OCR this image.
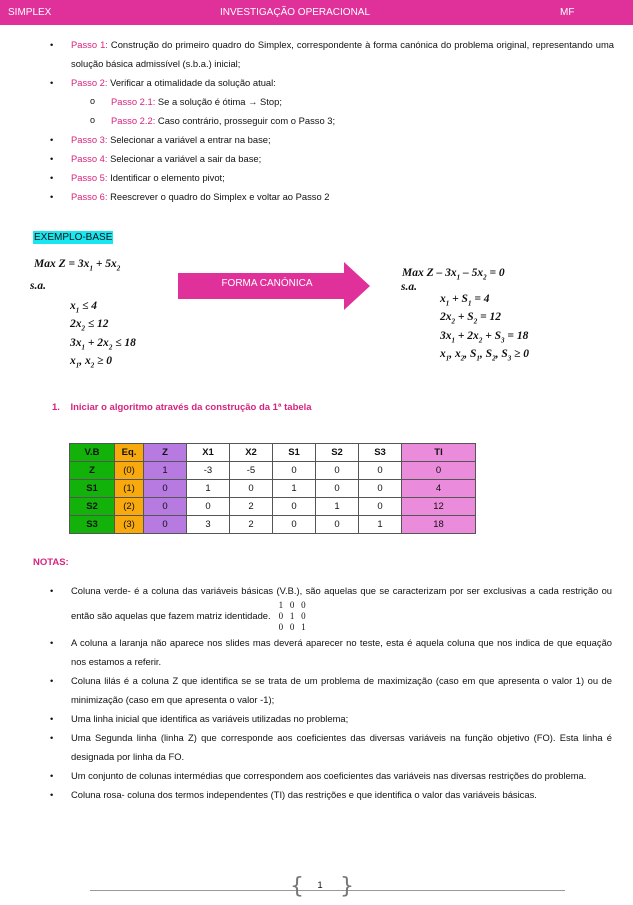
SIMPLEX	INVESTIGAÇÃO OPERACIONAL	MF
• Passo 1: Construção do primeiro quadro do Simplex, correspondente à forma canónica do problema original, representando uma solução básica admissível (s.b.a.) inicial;
• Passo 2: Verificar a otimalidade da solução atual:
o Passo 2.1: Se a solução é ótima → Stop;
o Passo 2.2: Caso contrário, prosseguir com o Passo 3;
• Passo 3: Selecionar a variável a entrar na base;
• Passo 4: Selecionar a variável a sair da base;
• Passo 5: Identificar o elemento pivot;
• Passo 6: Reescrever o quadro do Simplex e voltar ao Passo 2
EXEMPLO-BASE
Max $Z = 3x_1 + 5x_2$
s.a.
$x_1 \le 4$
$2x_2 \le 12$
$3x_1 + 2x_2 \le 18$
$x_1$, $x_2 \ge 0$
FORMA CANÓNICA
Max $Z - 3x_1 - 5x_2 = 0$
s.a.
$x_1 + S_1 = 4$
$2x_2 + S_2 = 12$
$3x_1 + 2x_2 + S_3 = 18$
$x_1$, $x_2$, $S_1$, $S_2$, $S_3 \ge 0$
1.    Iniciar o algoritmo através da construção da 1ª tabela
V.B	Eq.	Z	X1	X2	S1	S2	S3	TI
Z	(0)	1	-3	-5	0	0	0	0
S1	(1)	0	1	0	1	0	0	4
S2	(2)	0	0	2	0	1	0	12
S3	(3)	0	3	2	0	0	1	18
NOTAS:
• Coluna verde- é a coluna das variáveis básicas (V.B.), são aquelas que se caracterizam por ser exclusivas a cada restrição ou então são aquelas que fazem matriz identidade.1 0 0
0 1 0
0 0 1
• A coluna a laranja não aparece nos slides mas deverá aparecer no teste, esta é aquela coluna que nos indica de que equação nos estamos a referir.
• Coluna lilás é a coluna Z que identifica se se trata de um problema de maximização (caso em que apresenta o valor 1) ou de minimização (caso em que apresenta o valor -1);
• Uma linha inicial que identifica as variáveis utilizadas no problema;
• Uma Segunda linha (linha Z) que corresponde aos coeficientes das diversas variáveis na função objetivo (FO). Esta linha é designada por linha da FO.
• Um conjunto de colunas intermédias que correspondem aos coeficientes das variáveis nas diversas restrições do problema.
• Coluna rosa- coluna dos termos independentes (TI) das restrições e que identifica o valor das variáveis básicas.
{ }
1
